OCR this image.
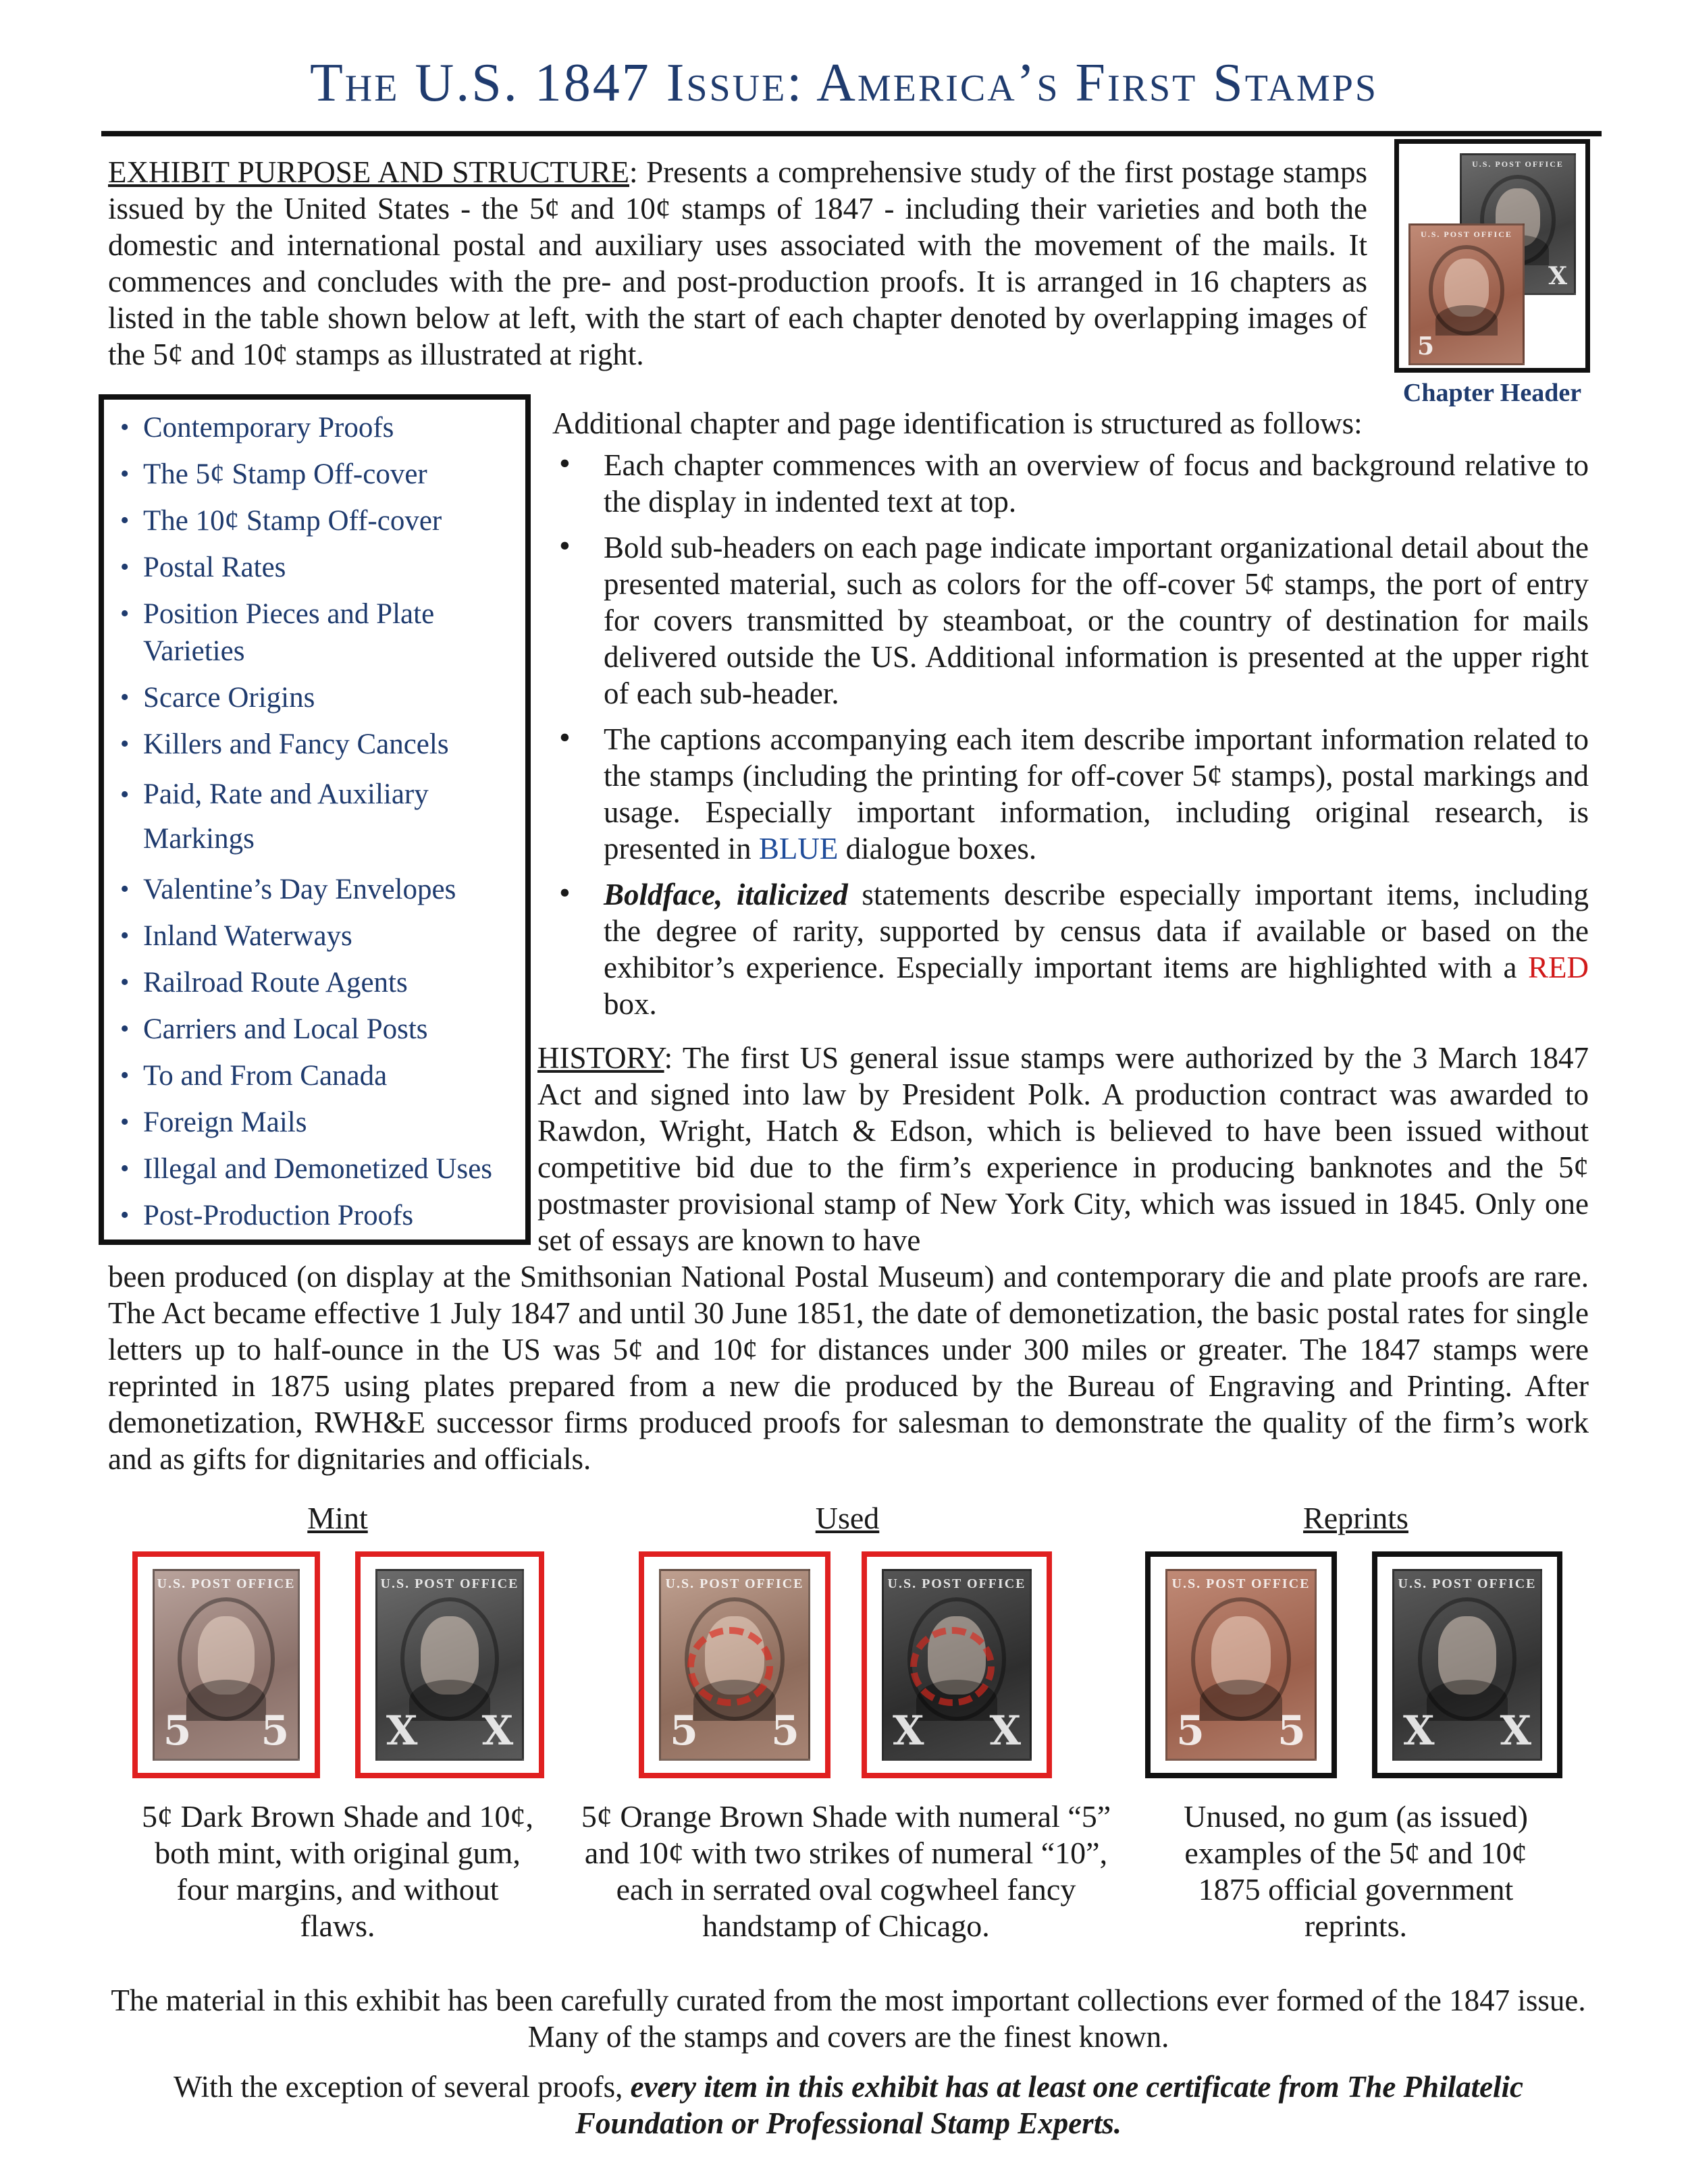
The U.S. 1847 Issue: America’s First Stamps
EXHIBIT PURPOSE AND STRUCTURE: Presents a comprehensive study of the first postage stamps issued by the United States - the 5¢ and 10¢ stamps of 1847 - including their varieties and both the domestic and international postal and auxiliary uses associated with the movement of the mails. It commences and concludes with the pre- and post-production proofs. It is arranged in 16 chapters as listed in the table shown below at left, with the start of each chapter denoted by overlapping images of the 5¢ and 10¢ stamps as illustrated at right.
U.S. POST OFFICE
X
U.S. POST OFFICE
5
Chapter Header
• Contemporary Proofs
• The 5¢ Stamp Off-cover
• The 10¢ Stamp Off-cover
• Postal Rates
• Position Pieces and Plate Varieties
• Scarce Origins
• Killers and Fancy Cancels
• Paid, Rate and Auxiliary Markings
• Valentine’s Day Envelopes
• Inland Waterways
• Railroad Route Agents
• Carriers and Local Posts
• To and From Canada
• Foreign Mails
• Illegal and Demonetized Uses
• Post-Production Proofs
Additional chapter and page identification is structured as follows:
• Each chapter commences with an overview of focus and background relative to the display in indented text at top.
• Bold sub-headers on each page indicate important organizational detail about the presented material, such as colors for the off-cover 5¢ stamps, the port of entry for covers transmitted by steamboat, or the country of destination for mails delivered outside the US. Additional information is presented at the upper right of each sub-header.
• The captions accompanying each item describe important information related to the stamps (including the printing for off-cover 5¢ stamps), postal markings and usage. Especially important information, including original research, is presented in BLUE dialogue boxes.
• Boldface, italicized statements describe especially important items, including the degree of rarity, supported by census data if available or based on the exhibitor’s experience. Especially important items are highlighted with a RED box.
HISTORY: The first US general issue stamps were authorized by the 3 March 1847 Act and signed into law by President Polk. A production contract was awarded to Rawdon, Wright, Hatch & Edson, which is believed to have been issued without competitive bid due to the firm’s experience in producing banknotes and the 5¢ postmaster provisional stamp of New York City, which was issued in 1845. Only one set of essays are known to have
been produced (on display at the Smithsonian National Postal Museum) and contemporary die and plate proofs are rare. The Act became effective 1 July 1847 and until 30 June 1851, the date of demonetization, the basic postal rates for single letters up to half-ounce in the US was 5¢ and 10¢ for distances under 300 miles or greater. The 1847 stamps were reprinted in 1875 using plates prepared from a new die produced by the Bureau of Engraving and Printing. After demonetization, RWH&E successor firms produced proofs for salesman to demonstrate the quality of the firm’s work and as gifts for dignitaries and officials.
Mint	Used	Reprints
U.S. POST OFFICE
5 5
U.S. POST OFFICE
X X
U.S. POST OFFICE
5 5
U.S. POST OFFICE
X X
U.S. POST OFFICE
5 5
U.S. POST OFFICE
X X
5¢ Dark Brown Shade and 10¢, both mint, with original gum, four margins, and without flaws.
5¢ Orange Brown Shade with numeral “5” and 10¢ with two strikes of numeral “10”, each in serrated oval cogwheel fancy handstamp of Chicago.
Unused, no gum (as issued) examples of the 5¢ and 10¢ 1875 official government reprints.
The material in this exhibit has been carefully curated from the most important collections ever formed of the 1847 issue. Many of the stamps and covers are the finest known.
With the exception of several proofs, every item in this exhibit has at least one certificate from The Philatelic Foundation or Professional Stamp Experts.
